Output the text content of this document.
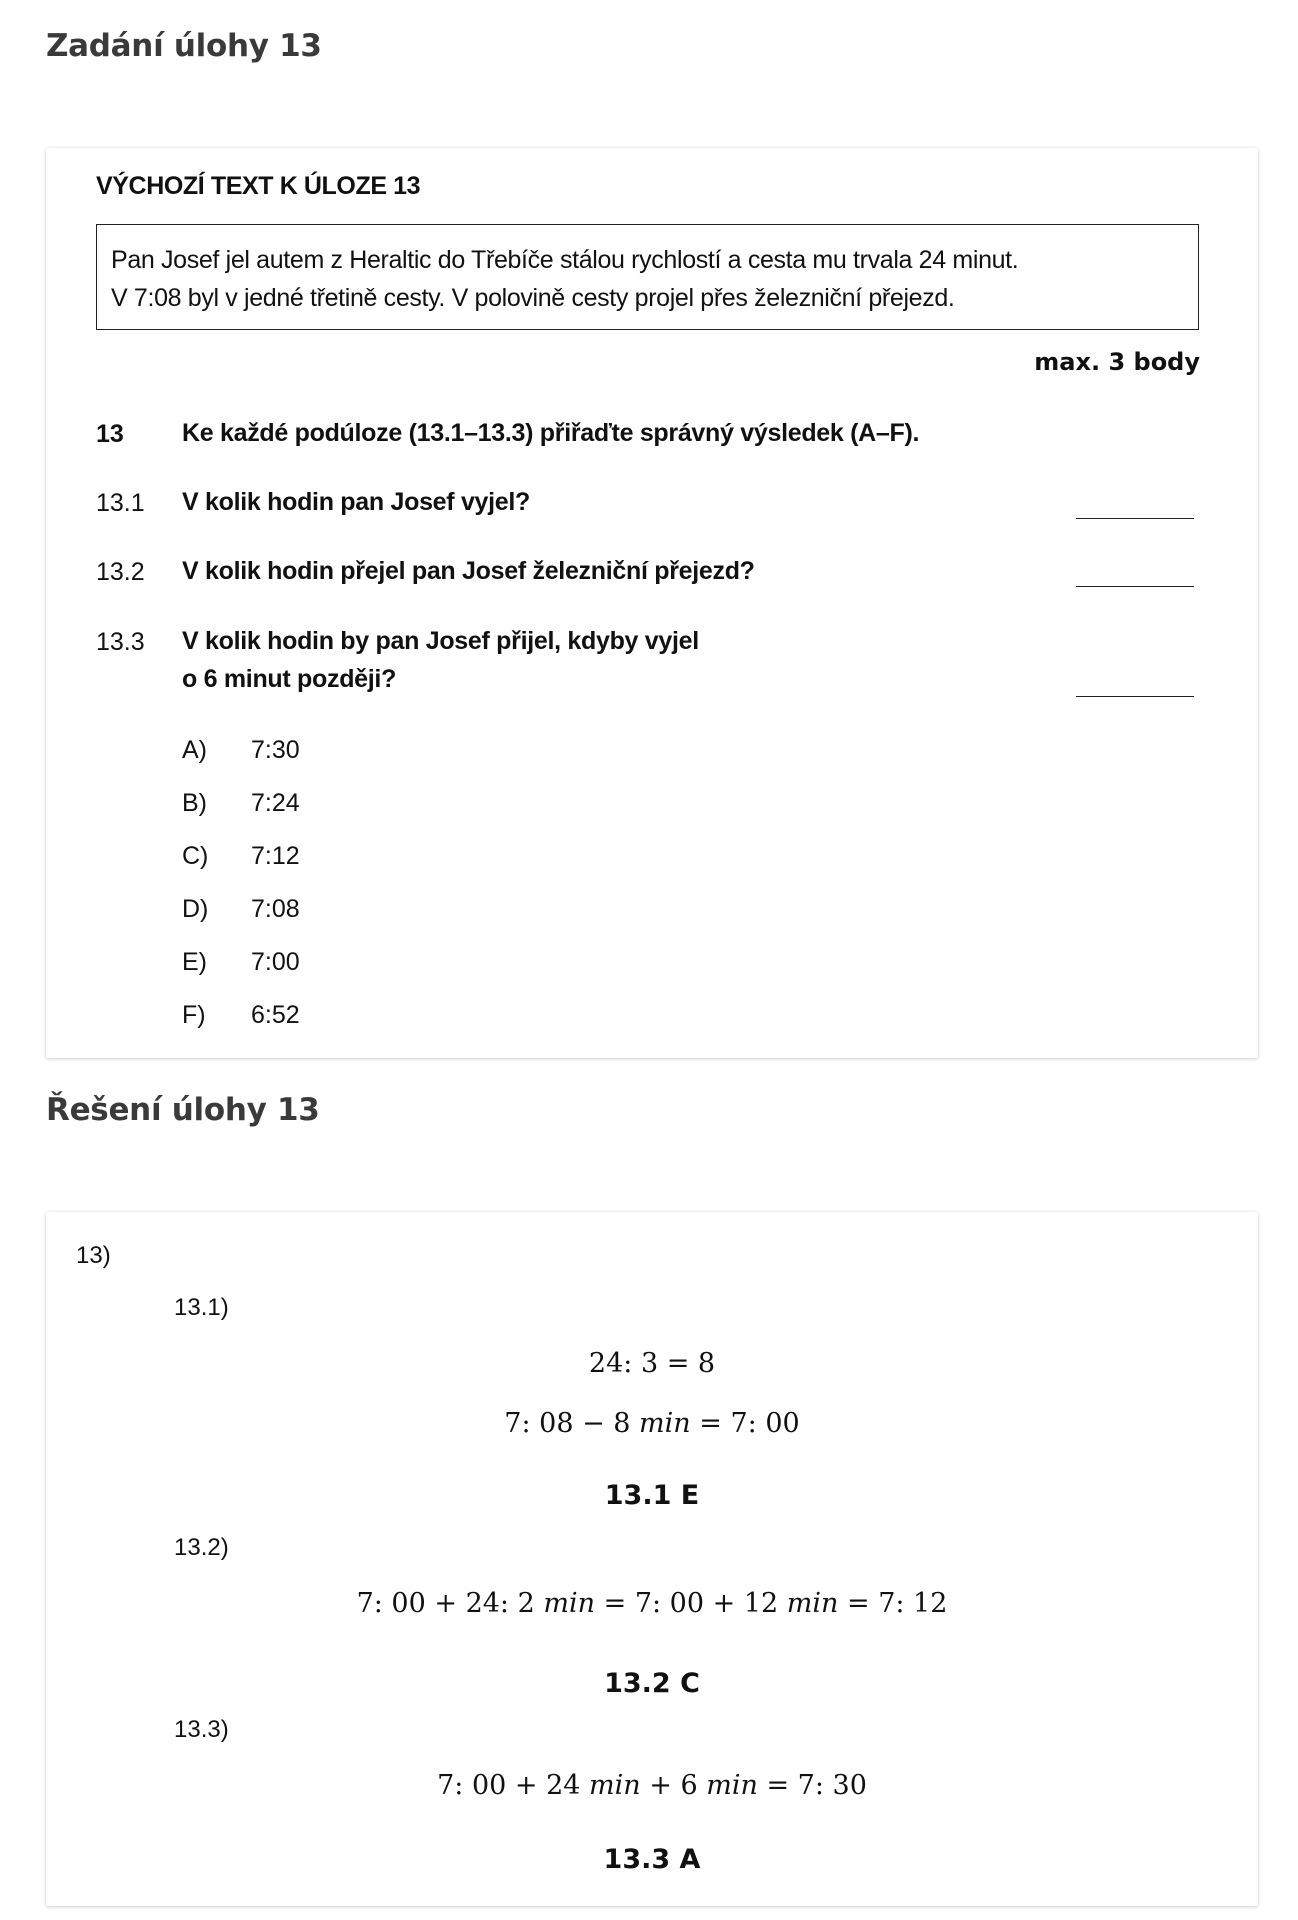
Zadání úlohy 13
VÝCHOZÍ TEXT K ÚLOZE 13
Pan Josef jel autem z Heraltic do Třebíče stálou rychlostí a cesta mu trvala 24 minut.
V 7:08 byl v jedné třetině cesty. V polovině cesty projel přes železniční přejezd.
max. 3 body
13 Ke každé podúloze (13.1–13.3) přiřaďte správný výsledek (A–F).
13.1 V kolik hodin pan Josef vyjel?
13.2 V kolik hodin přejel pan Josef železniční přejezd?
13.3 V kolik hodin by pan Josef přijel, kdyby vyjel
o 6 minut později?
A) 7:30
B) 7:24
C) 7:12
D) 7:08
E) 7:00
F) 6:52
Řešení úlohy 13
13)
13.1)
24: 3 = 8
7: 08 − 8 min = 7: 00
13.1 E
13.2)
7: 00 + 24: 2 min = 7: 00 + 12 min = 7: 12
13.2 C
13.3)
7: 00 + 24 min + 6 min = 7: 30
13.3 A
